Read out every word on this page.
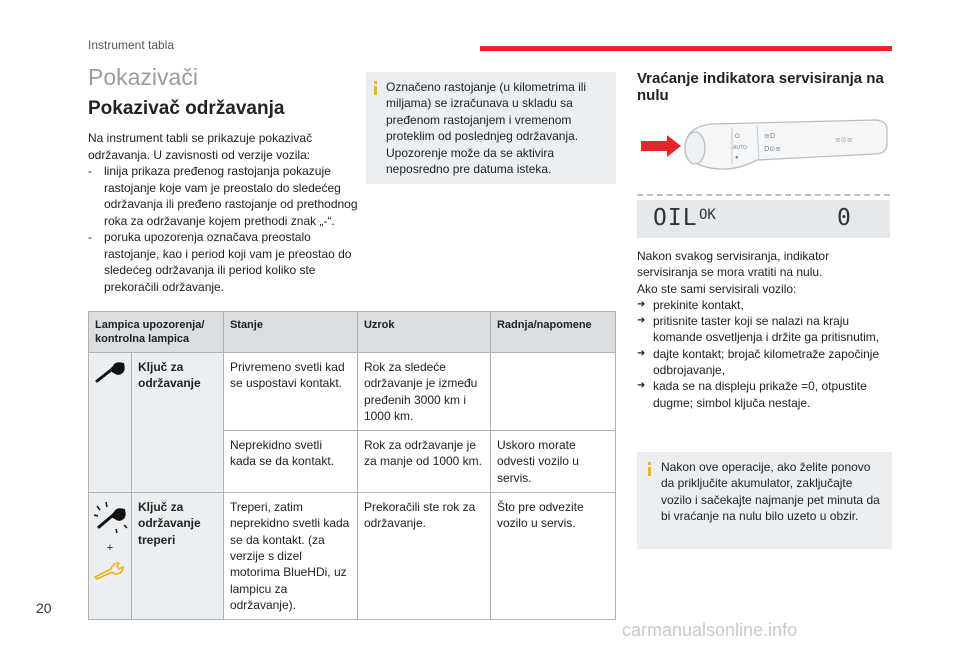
Instrument tabla
Pokazivači
Pokazivač održavanja

Na instrument tabli se prikazuje pokazivač održavanja. U zavisnosti od verzije vozila:

-	linija prikaza pređenog rastojanja pokazuje rastojanje koje vam je preostalo do sledećeg održavanja ili pređeno rastojanje od prethodnog roka za održavanje kojem prethodi znak „-“.
-	poruka upozorenja označava preostalo rastojanje, kao i period koji vam je preostao do sledećeg održavanja ili period koliko ste prekoračili održavanje.
Označeno rastojanje (u kilometrima ili miljama) se izračunava u skladu sa pređenom rastojanjem i vremenom proteklim od poslednjeg održavanja. Upozorenje može da se aktivira neposredno pre datuma isteka.
Vraćanje indikatora servisiranja na nulu
O
AUTO
●
≡D
D⊙≡
≡⊙≡
OIL OK	0
Nakon svakog servisiranja, indikator servisiranja se mora vratiti na nulu.
Ako ste sami servisirali vozilo:
➜ prekinite kontakt,
➜ pritisnite taster koji se nalazi na kraju komande osvetljenja i držite ga pritisnutim,
➜ dajte kontakt; brojač kilometraže započinje odbrojavanje,
➜ kada se na displeju prikaže =0, otpustite dugme; simbol ključa nestaje.
Nakon ove operacije, ako želite ponovo da priključite akumulator, zaključajte vozilo i sačekajte najmanje pet minuta da bi vraćanje na nulu bilo uzeto u obzir.
Lampica upozorenja/ kontrolna lampica		Stanje	Uzrok	Radnja/napomene
	Ključ za održavanje	Privremeno svetli kad se uspostavi kontakt.	Rok za sledeće održavanje je između pređenih 3000 km i 1000 km.	
		Neprekidno svetli kada se da kontakt.	Rok za održavanje je za manje od 1000 km.	Uskoro morate odvesti vozilo u servis.

+	Ključ za održavanje treperi	Treperi, zatim neprekidno svetli kada se da kontakt. (za verzije s dizel motorima BlueHDi, uz lampicu za održavanje).	Prekoračili ste rok za održavanje.	Što pre odvezite vozilo u servis.
20
carmanualsonline.info
